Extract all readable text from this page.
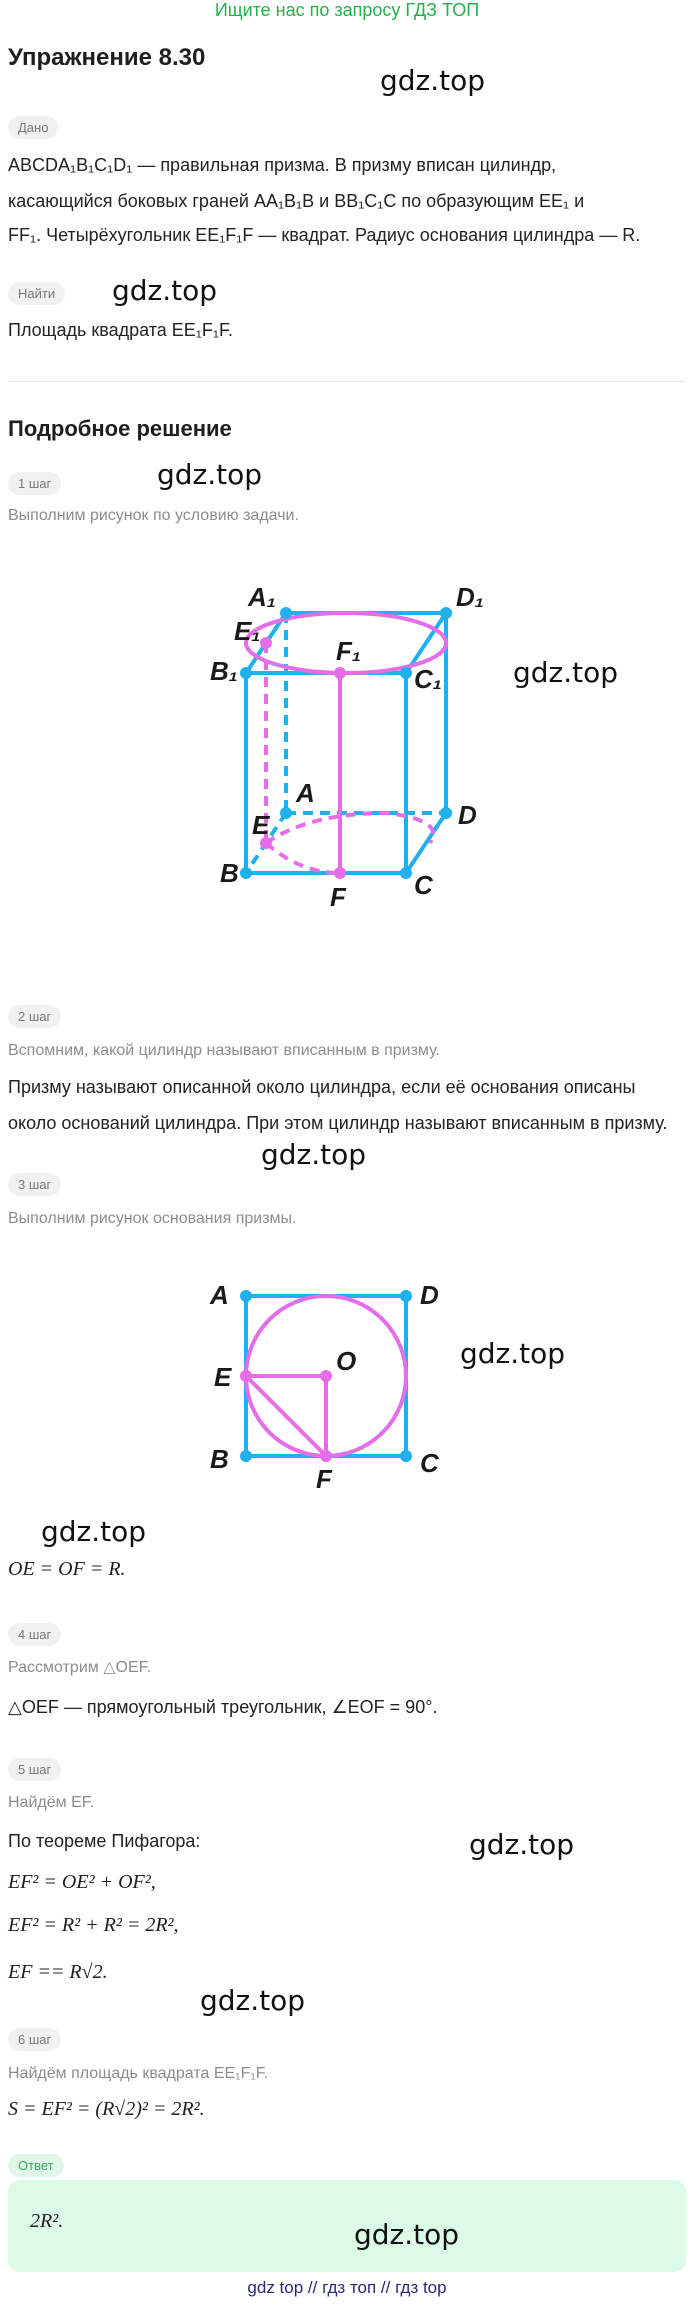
Ищите нас по запросу ГДЗ ТОП
Упражнение 8.30
gdz.top
gdz.top
gdz.top
gdz.top
gdz.top
gdz.top
gdz.top
gdz.top
gdz.top
Дано
ABCDA₁B₁C₁D₁ — правильная призма. В призму вписан цилиндр,
касающийся боковых граней AA₁B₁B и BB₁C₁C по образующим EE₁ и
FF₁. Четырёхугольник EE₁F₁F — квадрат. Радиус основания цилиндра — R.
Найти
Площадь квадрата EE₁F₁F.
Подробное решение
1 шаг
Выполним рисунок по условию задачи.
A₁	D₁
E₁
F₁
B₁	C₁
A
D
E
B
F	C
2 шаг
Вспомним, какой цилиндр называют вписанным в призму.
Призму называют описанной около цилиндра, если её основания описаны
около оснований цилиндра. При этом цилиндр называют вписанным в призму.
3 шаг
Выполним рисунок основания призмы.
A	D
E
O
B	C
F
OE = OF = R.
4 шаг
Рассмотрим △OEF.
△OEF — прямоугольный треугольник, ∠EOF = 90°.
5 шаг
Найдём EF.
По теореме Пифагора:
EF² = OE² + OF²,
EF² = R² + R² = 2R²,
EF == R√2.
6 шаг
Найдём площадь квадрата EE₁F₁F.
S = EF² = (R√2)² = 2R².
Ответ
2R².	gdz.top
gdz top // гдз топ // гдз top
